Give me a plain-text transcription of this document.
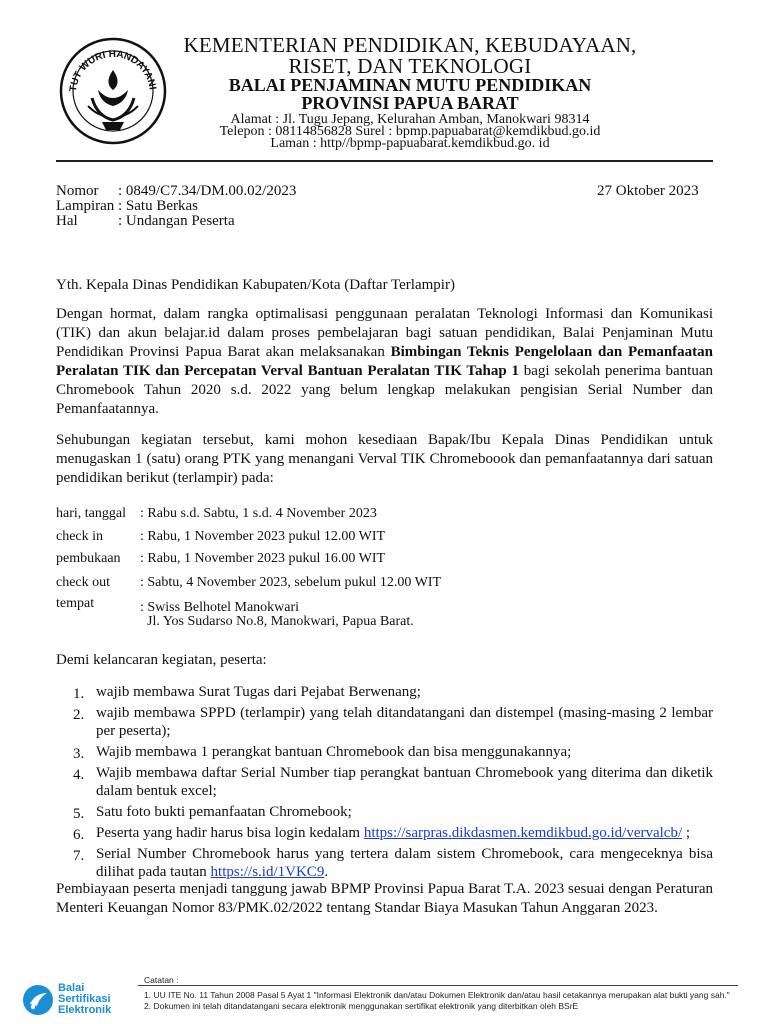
TUT WURI HANDAYANI
KEMENTERIAN PENDIDIKAN, KEBUDAYAAN,
RISET, DAN TEKNOLOGI
BALAI PENJAMINAN MUTU PENDIDIKAN
PROVINSI PAPUA BARAT
Alamat : Jl. Tugu Jepang, Kelurahan Amban, Manokwari 98314
Telepon : 08114856828 Surel : bpmp.papuabarat@kemdikbud.go.id
Laman : http//bpmp-papuabarat.kemdikbud.go. id
Nomor : 0849/C7.34/DM.00.02/2023	27 Oktober 2023
Lampiran : Satu Berkas
Hal	: Undangan Peserta
Yth. Kepala Dinas Pendidikan Kabupaten/Kota (Daftar Terlampir)
Dengan hormat, dalam rangka optimalisasi penggunaan peralatan Teknologi Informasi dan Komunikasi (TIK) dan akun belajar.id dalam proses pembelajaran bagi satuan pendidikan, Balai Penjaminan Mutu Pendidikan Provinsi Papua Barat akan melaksanakan Bimbingan Teknis Pengelolaan dan Pemanfaatan Peralatan TIK dan Percepatan Verval Bantuan Peralatan TIK Tahap 1 bagi sekolah penerima bantuan Chromebook Tahun 2020 s.d. 2022 yang belum lengkap melakukan pengisian Serial Number dan Pemanfaatannya.
Sehubungan kegiatan tersebut, kami mohon kesediaan Bapak/Ibu Kepala Dinas Pendidikan untuk menugaskan 1 (satu) orang PTK yang menangani Verval TIK Chromeboook dan pemanfaatannya dari satuan pendidikan berikut (terlampir) pada:
hari, tanggal	: Rabu s.d. Sabtu, 1 s.d. 4 November 2023
check in	: Rabu, 1 November 2023 pukul 12.00 WIT
pembukaan	: Rabu, 1 November 2023 pukul 16.00 WIT
check out	: Sabtu, 4 November 2023, sebelum pukul 12.00 WIT
tempat	: Swiss Belhotel Manokwari
Jl. Yos Sudarso No.8, Manokwari, Papua Barat.
Demi kelancaran kegiatan, peserta:
1. wajib membawa Surat Tugas dari Pejabat Berwenang;
2. wajib membawa SPPD (terlampir) yang telah ditandatangani dan distempel (masing-masing 2 lembar per peserta);
3. Wajib membawa 1 perangkat bantuan Chromebook dan bisa menggunakannya;
4. Wajib membawa daftar Serial Number tiap perangkat bantuan Chromebook yang diterima dan diketik dalam bentuk excel;
5. Satu foto bukti pemanfaatan Chromebook;
6. Peserta yang hadir harus bisa login kedalam https://sarpras.dikdasmen.kemdikbud.go.id/vervalcb/ ;
7. Serial Number Chromebook harus yang tertera dalam sistem Chromebook, cara mengeceknya bisa dilihat pada tautan https://s.id/1VKC9.
Pembiayaan peserta menjadi tanggung jawab BPMP Provinsi Papua Barat T.A. 2023 sesuai dengan Peraturan Menteri Keuangan Nomor 83/PMK.02/2022 tentang Standar Biaya Masukan Tahun Anggaran 2023.
Balai
Sertifikasi
Elektronik
Catatan :
1. UU ITE No. 11 Tahun 2008 Pasal 5 Ayat 1 "Informasi Elektronik dan/atau Dokumen Elektronik dan/atau hasil cetakannya merupakan alat bukti yang sah."
2. Dokumen ini telah ditandatangani secara elektronik menggunakan sertifikat elektronik yang diterbitkan oleh BSrE
